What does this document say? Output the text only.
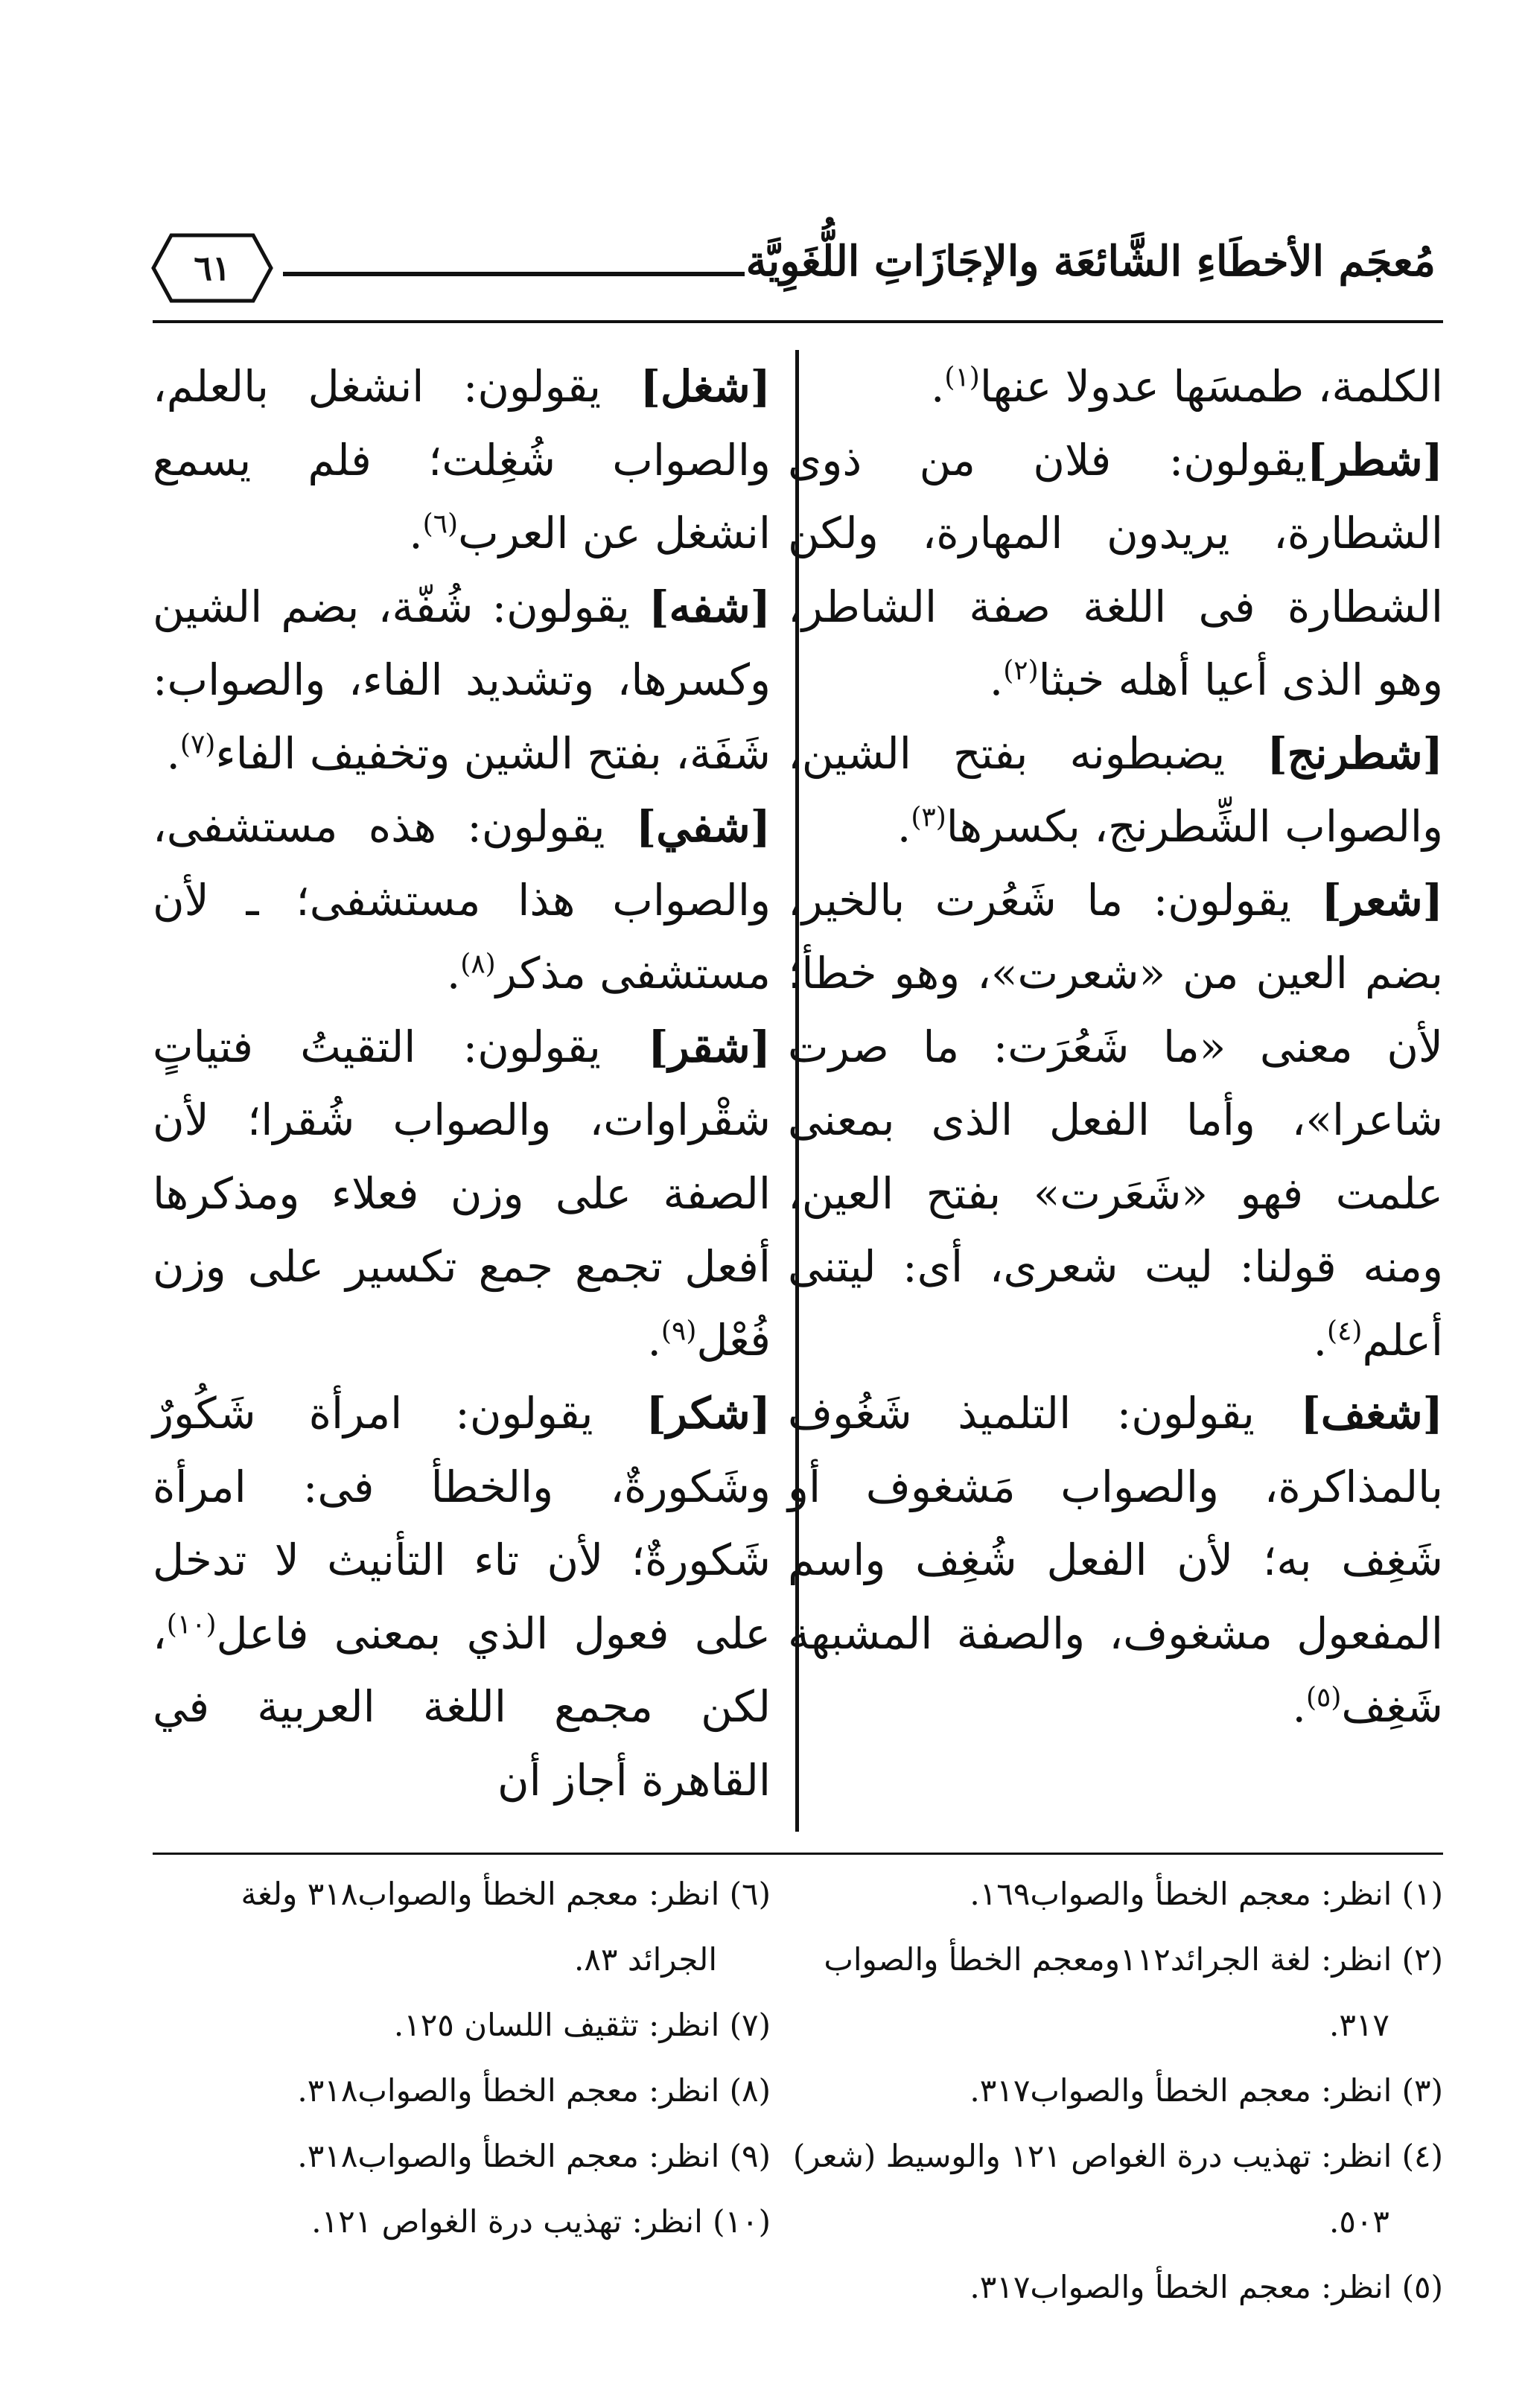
مُعجَم الأخطَاءِ الشَّائعَة والإجَازَاتِ اللُّغَوِيَّة
٦١

الكلمة، طمسَها عدولا عنها$^{(١)}$.

[شطر]يقولون: فلان من ذوى الشطارة، يريدون المهارة، ولكن الشطارة فى اللغة صفة الشاطر، وهو الذى أعيا أهله خبثا$^{(٢)}$.

[شطرنج] يضبطونه بفتح الشين، والصواب الشِّطرنج، بكسرها$^{(٣)}$.

[شعر] يقولون: ما شَعُرت بالخير، بضم العين من «شعرت»، وهو خطأ؛ لأن معنى «ما شَعُرَت: ما صرت شاعرا»، وأما الفعل الذى بمعنى علمت فهو «شَعَرت» بفتح العين، ومنه قولنا: ليت شعرى، أى: ليتنى أعلم$^{(٤)}$.

[شغف] يقولون: التلميذ شَغُوف بالمذاكرة، والصواب مَشغوف أو شَغِف به؛ لأن الفعل شُغِف واسم المفعول مشغوف، والصفة المشبهة شَغِف$^{(٥)}$.

[شغل] يقولون: انشغل بالعلم، والصواب شُغِلت؛ فلم يسمع انشغل عن العرب$^{(٦)}$.

[شفه] يقولون: شُفّة، بضم الشين وكسرها، وتشديد الفاء، والصواب: شَفَة، بفتح الشين وتخفيف الفاء$^{(٧)}$.

[شفي] يقولون: هذه مستشفى، والصواب هذا مستشفى؛ ـ لأن مستشفى مذكر$^{(٨)}$.

[شقر] يقولون: التقيتُ فتياتٍ شقْراوات، والصواب شُقرا؛ لأن الصفة على وزن فعلاء ومذكرها أفعل تجمع جمع تكسير على وزن فُعْل$^{(٩)}$.

[شكر] يقولون: امرأة شَكُورٌ وشَكورةٌ، والخطأ فى: امرأة شَكورةٌ؛ لأن تاء التأنيث لا تدخل على فعول الذي بمعنى فاعل$^{(١٠)}$، لكن مجمع اللغة العربية في القاهرة أجاز أن

(١) انظر: معجم الخطأ والصواب١٦٩.

(٢) انظر: لغة الجرائد١١٢ومعجم الخطأ والصواب ٣١٧.

(٣) انظر: معجم الخطأ والصواب٣١٧.

(٤) انظر: تهذيب درة الغواص ١٢١ والوسيط (شعر) ٥٠٣.

(٥) انظر: معجم الخطأ والصواب٣١٧.

(٦) انظر: معجم الخطأ والصواب٣١٨ ولغة الجرائد ٨٣.

(٧) انظر: تثقيف اللسان ١٢٥.

(٨) انظر: معجم الخطأ والصواب٣١٨.

(٩) انظر: معجم الخطأ والصواب٣١٨.

(١٠) انظر: تهذيب درة الغواص ١٢١.
